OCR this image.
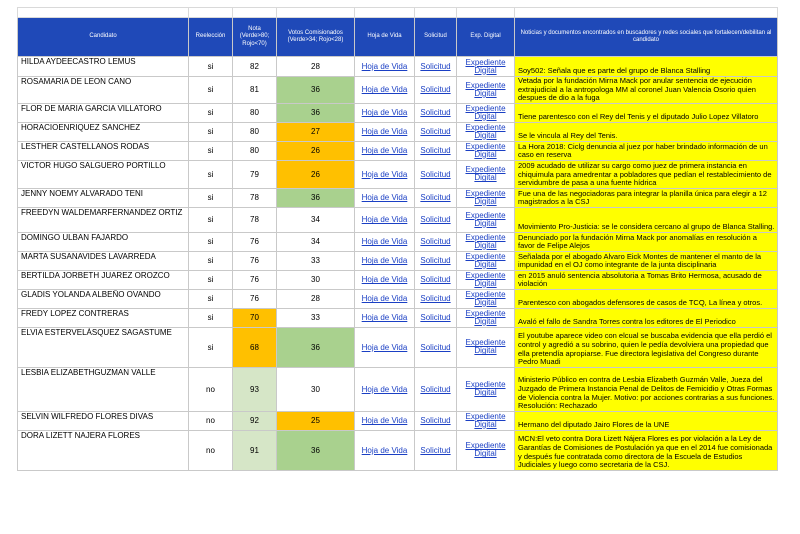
Candidato	Reelección	Nota (Verde>80; Rojo<70)	Votos Comisionados (Verde>34; Rojo<28)	Hoja de Vida	Solicitud	Exp. Digital	Noticias y documentos encontrados en buscadores y redes sociales que fortalecen/debilitan al candidato
HILDA AYDEECASTRO LEMUS	si	82	28	Hoja de Vida	Solicitud	Expediente Digital	Soy502: Señala que es parte del grupo de Blanca Stalling
ROSAMARIA DE LEON CANO	si	81	36	Hoja de Vida	Solicitud	Expediente Digital	Vetada por la fundación Mirna Mack por anular sentencia de ejecución extrajudicial a la antropologa MM al coronel Juan Valencia Osorio quien despues de dio a la fuga
FLOR DE MARIA GARCIA VILLATORO	si	80	36	Hoja de Vida	Solicitud	Expediente Digital	Tiene parentesco con el Rey del Tenis y el diputado Julio Lopez Villatoro
HORACIOENRIQUEZ SANCHEZ	si	80	27	Hoja de Vida	Solicitud	Expediente Digital	Se le vincula al Rey del Tenis.
LESTHER CASTELLANOS RODAS	si	80	26	Hoja de Vida	Solicitud	Expediente Digital	La Hora 2018: Ciclg denuncia al juez por haber brindado información de un caso en reserva
VICTOR HUGO SALGUERO PORTILLO	si	79	26	Hoja de Vida	Solicitud	Expediente Digital	2009 acudado de utilizar su cargo como juez de primera instancia en chiquimula para amedrentar a pobladores que pedían el restablecimiento de servidumbre de pasa a una fuente hídrica
JENNY NOEMY ALVARADO TENI	si	78	36	Hoja de Vida	Solicitud	Expediente Digital	Fue una de las negociadoras para integrar la planilla única para elegir a 12 magistrados a la CSJ
FREEDYN WALDEMARFERNANDEZ ORTIZ	si	78	34	Hoja de Vida	Solicitud	Expediente Digital	Movimiento Pro-Justicia: se le considera cercano al grupo de Blanca Stalling.
DOMINGO ULBAN FAJARDO	si	76	34	Hoja de Vida	Solicitud	Expediente Digital	Denunciado por la fundación Mirna Mack por anomalías en resolución a favor de Felipe Alejos
MARTA SUSANAVIDES LAVARREDA	si	76	33	Hoja de Vida	Solicitud	Expediente Digital	Señalada por el abogado Alvaro Eick Montes de mantener el manto de la impunidad en el OJ como integrante de la junta disciplinaria
BERTILDA JORBETH JUAREZ OROZCO	si	76	30	Hoja de Vida	Solicitud	Expediente Digital	en 2015 anuló sentencia absolutoria a Tomas Brito Hermosa, acusado de violación
GLADIS YOLANDA ALBEÑO OVANDO	si	76	28	Hoja de Vida	Solicitud	Expediente Digital	Parentesco con abogados defensores de casos de TCQ, La línea y otros.
FREDY LOPEZ CONTRERAS	si	70	33	Hoja de Vida	Solicitud	Expediente Digital	Avaló el fallo de Sandra Torres contra los editores de El Periodico
ELVIA ESTERVELÁSQUEZ SAGASTUME	si	68	36	Hoja de Vida	Solicitud	Expediente Digital	El youtube aparece video con elcual se buscaba evidencia que ella perdió el control y agredió a su sobrino, quien le pedía devolviera una propiedad que ella pretendía apropiarse. Fue directora legislativa del Congreso durante Pedro Muadi
LESBIA ELIZABETHGUZMAN VALLE	no	93	30	Hoja de Vida	Solicitud	Expediente Digital	Ministerio Público en contra de Lesbia Elizabeth Guzmán Valle, Jueza del Juzgado de Primera Instancia Penal de Delitos de Femicidio y Otras Formas de Violencia contra la Mujer. Motivo: por acciones contrarias a sus funciones. Resolución: Rechazado
SELVIN WILFREDO FLORES DIVAS	no	92	25	Hoja de Vida	Solicitud	Expediente Digital	Hermano del diputado Jairo Flores de la UNE
DORA LIZETT NAJERA FLORES	no	91	36	Hoja de Vida	Solicitud	Expediente Digital	MCN:El veto contra Dora Lizett Nájera Flores es por violación a la Ley de Garantías de Comisiones de Postulación ya que en el 2014 fue comisionada y después fue contratada como directora de la Escuela de Estudios Judiciales y luego como secretaria de la CSJ.
